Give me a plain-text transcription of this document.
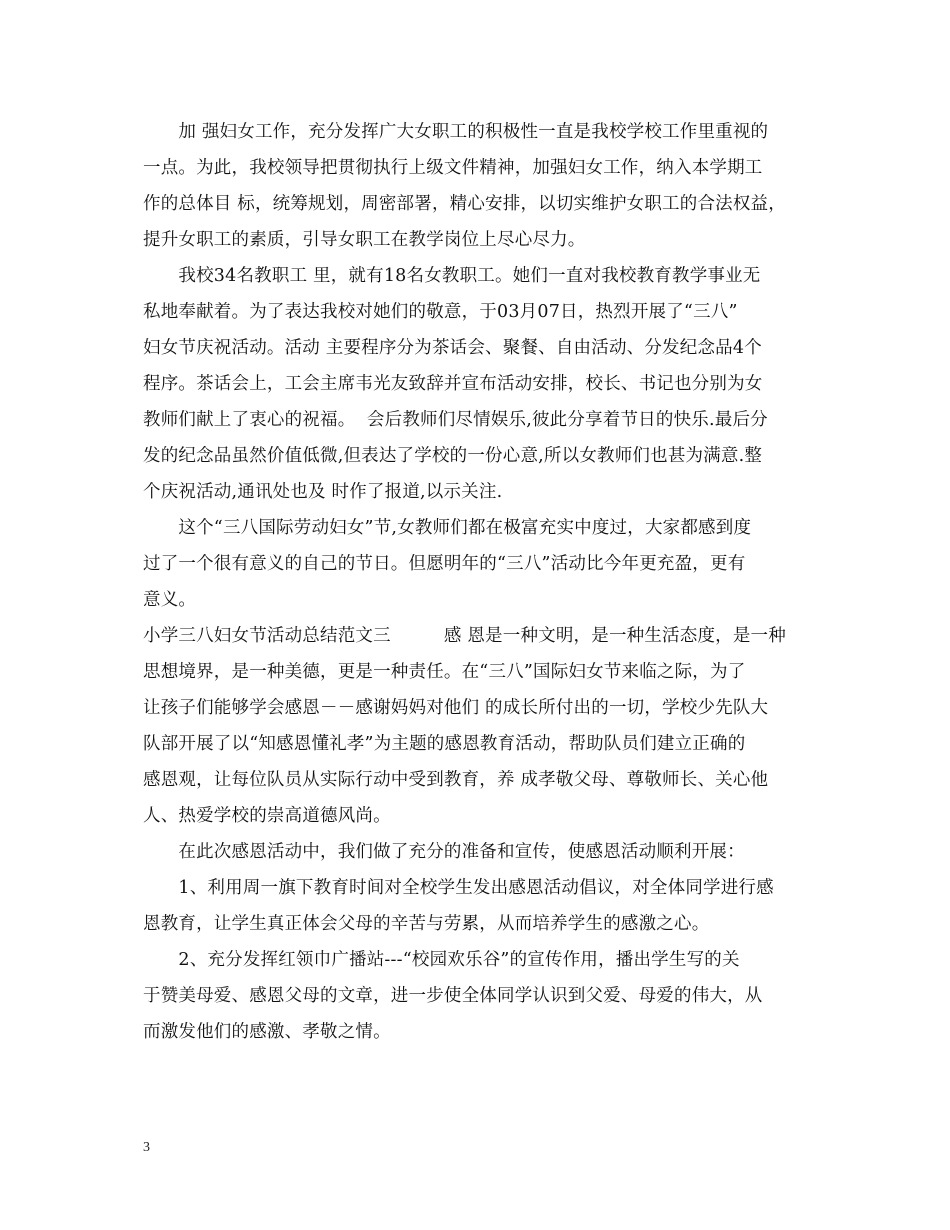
　　加 强妇女工作，充分发挥广大女职工的积极性一直是我校学校工作里重视的
一点。为此，我校领导把贯彻执行上级文件精神，加强妇女工作，纳入本学期工
作的总体目 标，统筹规划，周密部署，精心安排，以切实维护女职工的合法权益，
提升女职工的素质，引导女职工在教学岗位上尽心尽力。
　　我校34名教职工 里，就有18名女教职工。她们一直对我校教育教学事业无
私地奉献着。为了表达我校对她们的敬意，于03月07日，热烈开展了“三八”
妇女节庆祝活动。活动 主要程序分为茶话会、聚餐、自由活动、分发纪念品4个
程序。茶话会上，工会主席韦光友致辞并宣布活动安排，校长、书记也分别为女
教师们献上了衷心的祝福。  会后教师们尽情娱乐,彼此分享着节日的快乐.最后分
发的纪念品虽然价值低微,但表达了学校的一份心意,所以女教师们也甚为满意.整
个庆祝活动,通讯处也及 时作了报道,以示关注.
　　这个“三八国际劳动妇女”节,女教师们都在极富充实中度过，大家都感到度
过了一个很有意义的自己的节日。但愿明年的“三八”活动比今年更充盈，更有
意义。
小学三八妇女节活动总结范文三　　　感 恩是一种文明，是一种生活态度，是一种
思想境界，是一种美德，更是一种责任。在“三八”国际妇女节来临之际，为了
让孩子们能够学会感恩－－感谢妈妈对他们 的成长所付出的一切，学校少先队大
队部开展了以“知感恩懂礼孝”为主题的感恩教育活动，帮助队员们建立正确的
感恩观，让每位队员从实际行动中受到教育，养 成孝敬父母、尊敬师长、关心他
人、热爱学校的崇高道德风尚。
　　在此次感恩活动中，我们做了充分的准备和宣传，使感恩活动顺利开展：
　　1、利用周一旗下教育时间对全校学生发出感恩活动倡议，对全体同学进行感
恩教育，让学生真正体会父母的辛苦与劳累，从而培养学生的感激之心。
　　2、充分发挥红领巾广播站---“校园欢乐谷”的宣传作用，播出学生写的关
于赞美母爱、感恩父母的文章，进一步使全体同学认识到父爱、母爱的伟大，从
而激发他们的感激、孝敬之情。
3
